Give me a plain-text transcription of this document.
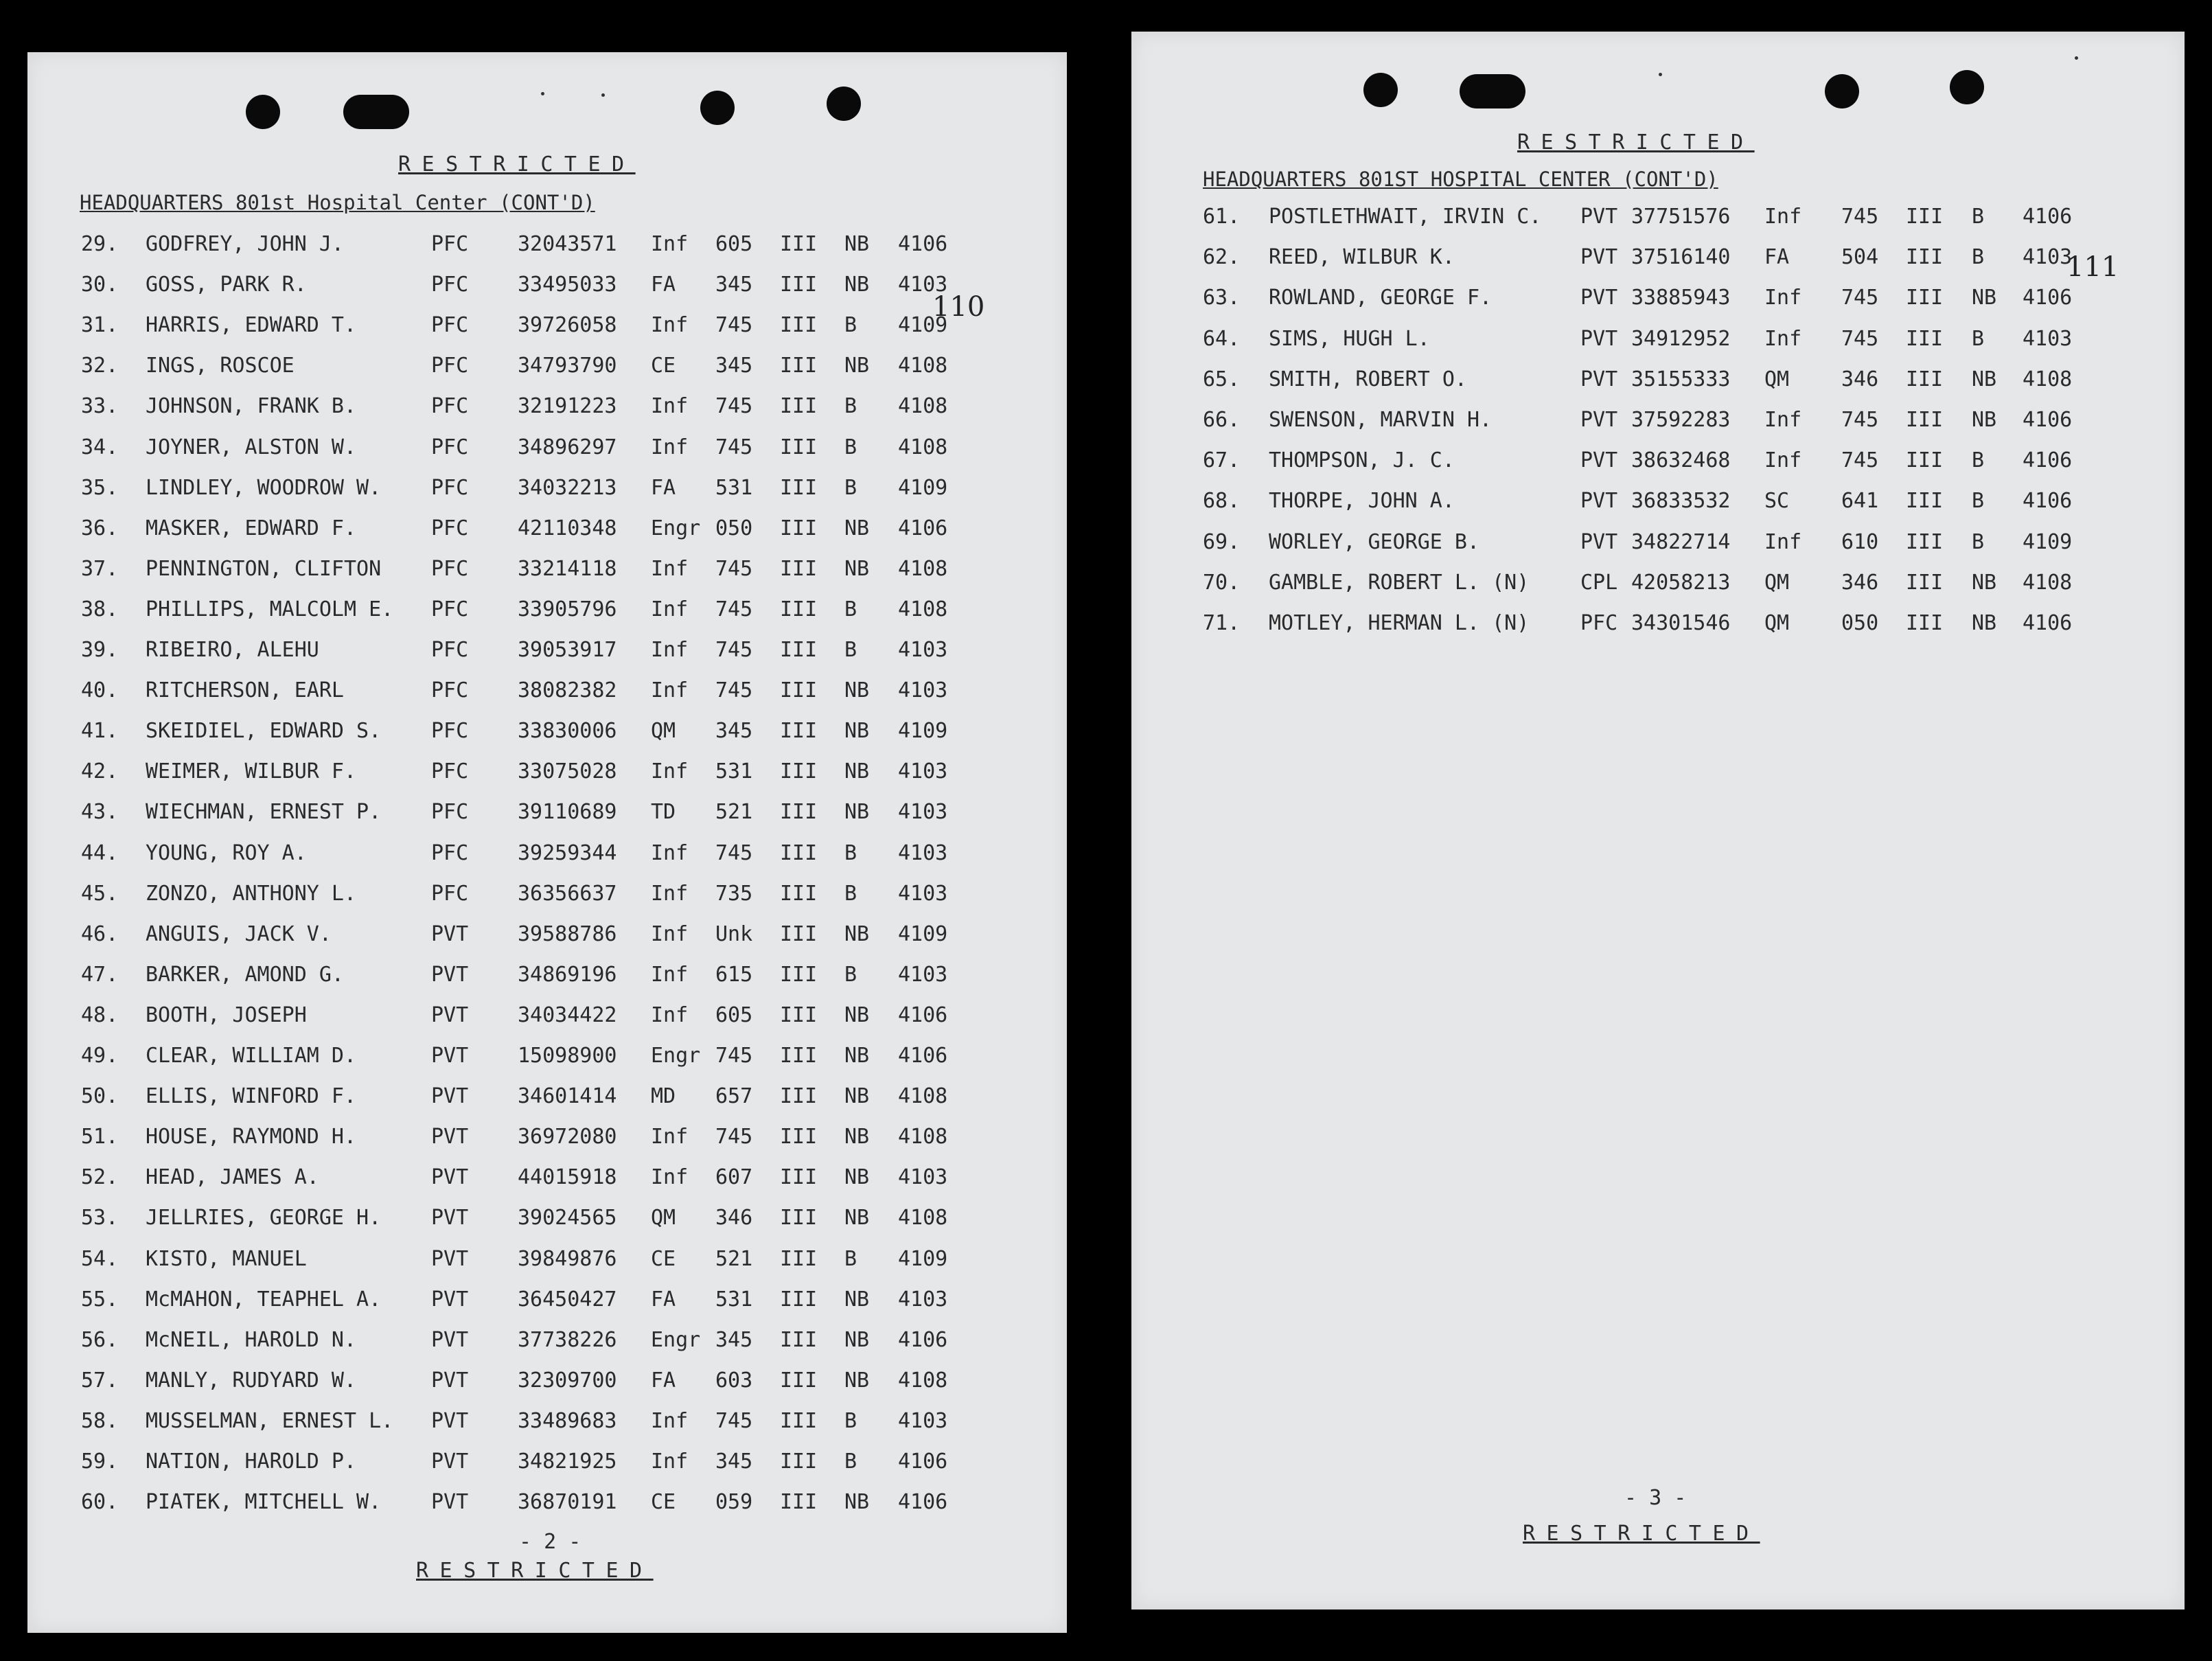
RESTRICTED
HEADQUARTERS 801st Hospital Center (CONT'D)
110
29. GODFREY, JOHN J.	PFC 32043571 Inf 605 III NB 4106
30. GOSS, PARK R.	PFC 33495033 FA 345 III NB 4103
31. HARRIS, EDWARD T.	PFC 39726058 Inf 745 III B 4109
32. INGS, ROSCOE	PFC 34793790 CE 345 III NB 4108
33. JOHNSON, FRANK B.	PFC 32191223 Inf 745 III B 4108
34. JOYNER, ALSTON W.	PFC 34896297 Inf 745 III B 4108
35. LINDLEY, WOODROW W. PFC 34032213 FA 531 III B 4109
36. MASKER, EDWARD F.	PFC 42110348 Engr 050 III NB 4106
37. PENNINGTON, CLIFTON PFC 33214118 Inf 745 III NB 4108
38. PHILLIPS, MALCOLM E. PFC 33905796 Inf 745 III B 4108
39. RIBEIRO, ALEHU	PFC 39053917 Inf 745 III B 4103
40. RITCHERSON, EARL	PFC 38082382 Inf 745 III NB 4103
41. SKEIDIEL, EDWARD S. PFC 33830006 QM 345 III NB 4109
42. WEIMER, WILBUR F.	PFC 33075028 Inf 531 III NB 4103
43. WIECHMAN, ERNEST P. PFC 39110689 TD 521 III NB 4103
44. YOUNG, ROY A.	PFC 39259344 Inf 745 III B 4103
45. ZONZO, ANTHONY L.	PFC 36356637 Inf 735 III B 4103
46. ANGUIS, JACK V.	PVT 39588786 Inf Unk III NB 4109
47. BARKER, AMOND G.	PVT 34869196 Inf 615 III B 4103
48. BOOTH, JOSEPH	PVT 34034422 Inf 605 III NB 4106
49. CLEAR, WILLIAM D.	PVT 15098900 Engr 745 III NB 4106
50. ELLIS, WINFORD F.	PVT 34601414 MD 657 III NB 4108
51. HOUSE, RAYMOND H.	PVT 36972080 Inf 745 III NB 4108
52. HEAD, JAMES A.	PVT 44015918 Inf 607 III NB 4103
53. JELLRIES, GEORGE H. PVT 39024565 QM 346 III NB 4108
54. KISTO, MANUEL	PVT 39849876 CE 521 III B 4109
55. McMAHON, TEAPHEL A. PVT 36450427 FA 531 III NB 4103
56. McNEIL, HAROLD N.	PVT 37738226 Engr 345 III NB 4106
57. MANLY, RUDYARD W.	PVT 32309700 FA 603 III NB 4108
58. MUSSELMAN, ERNEST L. PVT 33489683 Inf 745 III B 4103
59. NATION, HAROLD P.	PVT 34821925 Inf 345 III B 4106
60. PIATEK, MITCHELL W. PVT 36870191 CE 059 III NB 4106
- 2 -
RESTRICTED
RESTRICTED
HEADQUARTERS 801ST HOSPITAL CENTER (CONT'D)
111
61. POSTLETHWAIT, IRVIN C. PVT 37751576 Inf 745 III B 4106
62. REED, WILBUR K.	PVT 37516140 FA	504 III B 4103
63. ROWLAND, GEORGE F.	PVT 33885943 Inf 745 III NB 4106
64. SIMS, HUGH L.	PVT 34912952 Inf 745 III B 4103
65. SMITH, ROBERT O.	PVT 35155333 QM	346 III NB 4108
66. SWENSON, MARVIN H.	PVT 37592283 Inf 745 III NB 4106
67. THOMPSON, J. C.	PVT 38632468 Inf 745 III B 4106
68. THORPE, JOHN A.	PVT 36833532 SC	641 III B 4106
69. WORLEY, GEORGE B.	PVT 34822714 Inf 610 III B 4109
70. GAMBLE, ROBERT L. (N) CPL 42058213 QM	346 III NB 4108
71. MOTLEY, HERMAN L. (N) PFC 34301546 QM	050 III NB 4106
- 3 -
RESTRICTED
